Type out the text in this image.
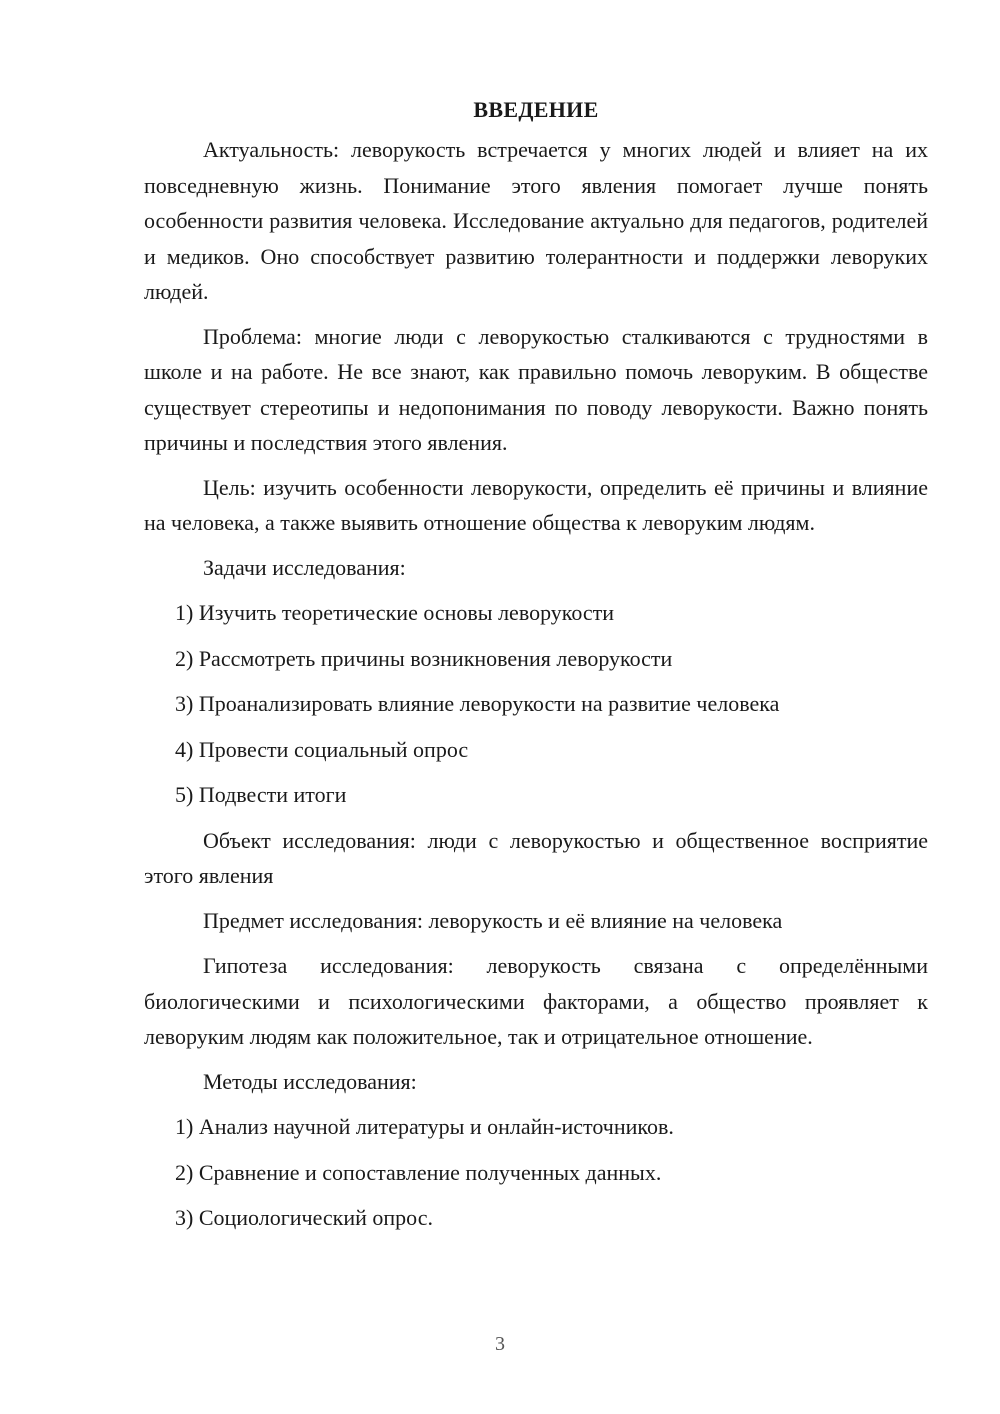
ВВЕДЕНИЕ

Актуальность: леворукость встречается у многих людей и влияет на их повседневную жизнь. Понимание этого явления помогает лучше понять особенности развития человека. Исследование актуально для педагогов, родителей и медиков. Оно способствует развитию толерантности и поддержки леворуких людей.

Проблема: многие люди с леворукостью сталкиваются с трудностями в школе и на работе. Не все знают, как правильно помочь леворуким. В обществе существует стереотипы и недопонимания по поводу леворукости. Важно понять причины и последствия этого явления.

Цель: изучить особенности леворукости, определить её причины и влияние на человека, а также выявить отношение общества к леворуким людям.

Задачи исследования:

1) Изучить теоретические основы леворукости
2) Рассмотреть причины возникновения леворукости
3) Проанализировать влияние леворукости на развитие человека
4) Провести социальный опрос
5) Подвести итоги

Объект исследования: люди с леворукостью и общественное восприятие этого явления

Предмет исследования: леворукость и её влияние на человека

Гипотеза исследования: леворукость связана с определёнными биологическими и психологическими факторами, а общество проявляет к леворуким людям как положительное, так и отрицательное отношение.

Методы исследования:

1) Анализ научной литературы и онлайн-источников.
2) Сравнение и сопоставление полученных данных.
3) Социологический опрос.
3
